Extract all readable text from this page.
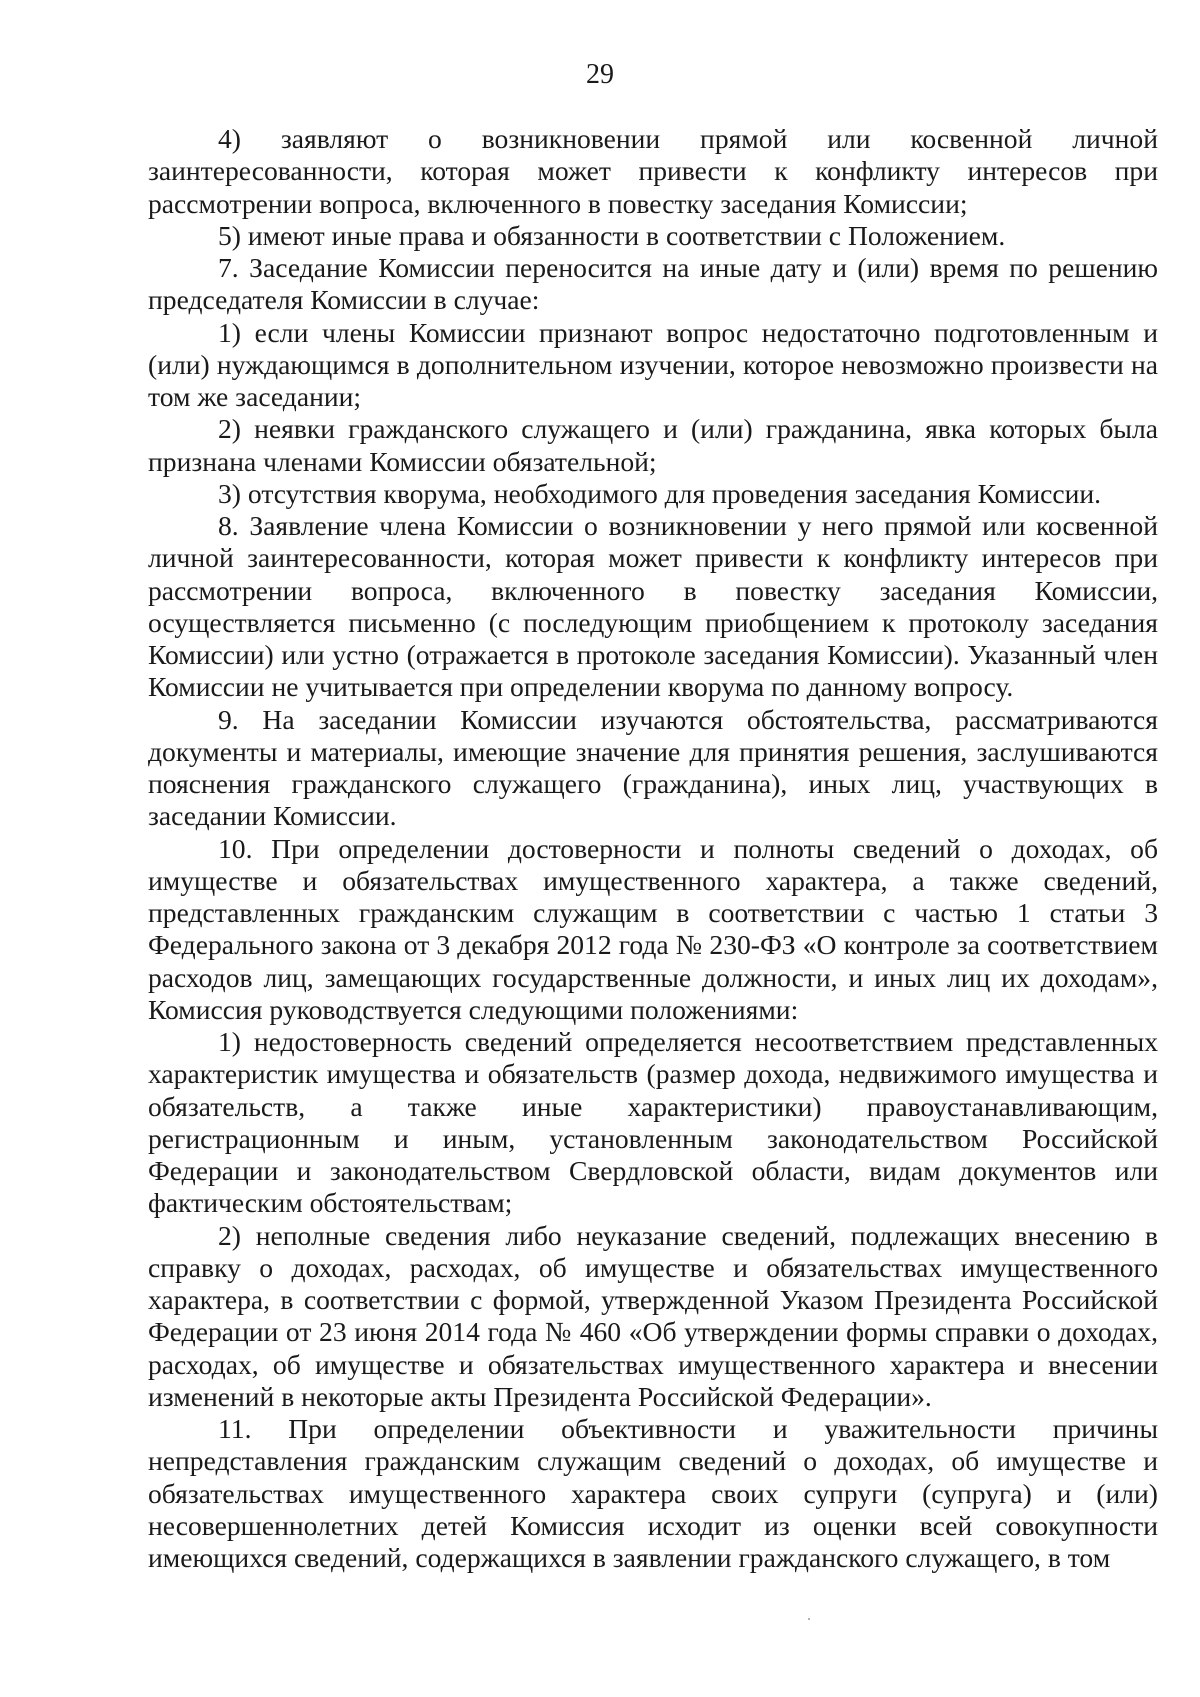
29

4) заявляют о возникновении прямой или косвенной личной заинтересованности, которая может привести к конфликту интересов при рассмотрении вопроса, включенного в повестку заседания Комиссии;

5) имеют иные права и обязанности в соответствии с Положением.

7. Заседание Комиссии переносится на иные дату и (или) время по решению председателя Комиссии в случае:

1) если члены Комиссии признают вопрос недостаточно подготовленным и (или) нуждающимся в дополнительном изучении, которое невозможно произвести на том же заседании;

2) неявки гражданского служащего и (или) гражданина, явка которых была признана членами Комиссии обязательной;

3) отсутствия кворума, необходимого для проведения заседания Комиссии.

8. Заявление члена Комиссии о возникновении у него прямой или косвенной личной заинтересованности, которая может привести к конфликту интересов при рассмотрении вопроса, включенного в повестку заседания Комиссии, осуществляется письменно (с последующим приобщением к протоколу заседания Комиссии) или устно (отражается в протоколе заседания Комиссии). Указанный член Комиссии не учитывается при определении кворума по данному вопросу.

9. На заседании Комиссии изучаются обстоятельства, рассматриваются документы и материалы, имеющие значение для принятия решения, заслушиваются пояснения гражданского служащего (гражданина), иных лиц, участвующих в заседании Комиссии.

10. При определении достоверности и полноты сведений о доходах, об имуществе и обязательствах имущественного характера, а также сведений, представленных гражданским служащим в соответствии с частью 1 статьи 3 Федерального закона от 3 декабря 2012 года № 230-ФЗ «О контроле за соответствием расходов лиц, замещающих государственные должности, и иных лиц их доходам», Комиссия руководствуется следующими положениями:

1) недостоверность сведений определяется несоответствием представленных характеристик имущества и обязательств (размер дохода, недвижимого имущества и обязательств, а также иные характеристики) правоустанавливающим, регистрационным и иным, установленным законодательством Российской Федерации и законодательством Свердловской области, видам документов или фактическим обстоятельствам;

2) неполные сведения либо неуказание сведений, подлежащих внесению в справку о доходах, расходах, об имуществе и обязательствах имущественного характера, в соответствии с формой, утвержденной Указом Президента Российской Федерации от 23 июня 2014 года № 460 «Об утверждении формы справки о доходах, расходах, об имуществе и обязательствах имущественного характера и внесении изменений в некоторые акты Президента Российской Федерации».

11. При определении объективности и уважительности причины непредставления гражданским служащим сведений о доходах, об имуществе и обязательствах имущественного характера своих супруги (супруга) и (или) несовершеннолетних детей Комиссия исходит из оценки всей совокупности имеющихся сведений, содержащихся в заявлении гражданского служащего, в том
